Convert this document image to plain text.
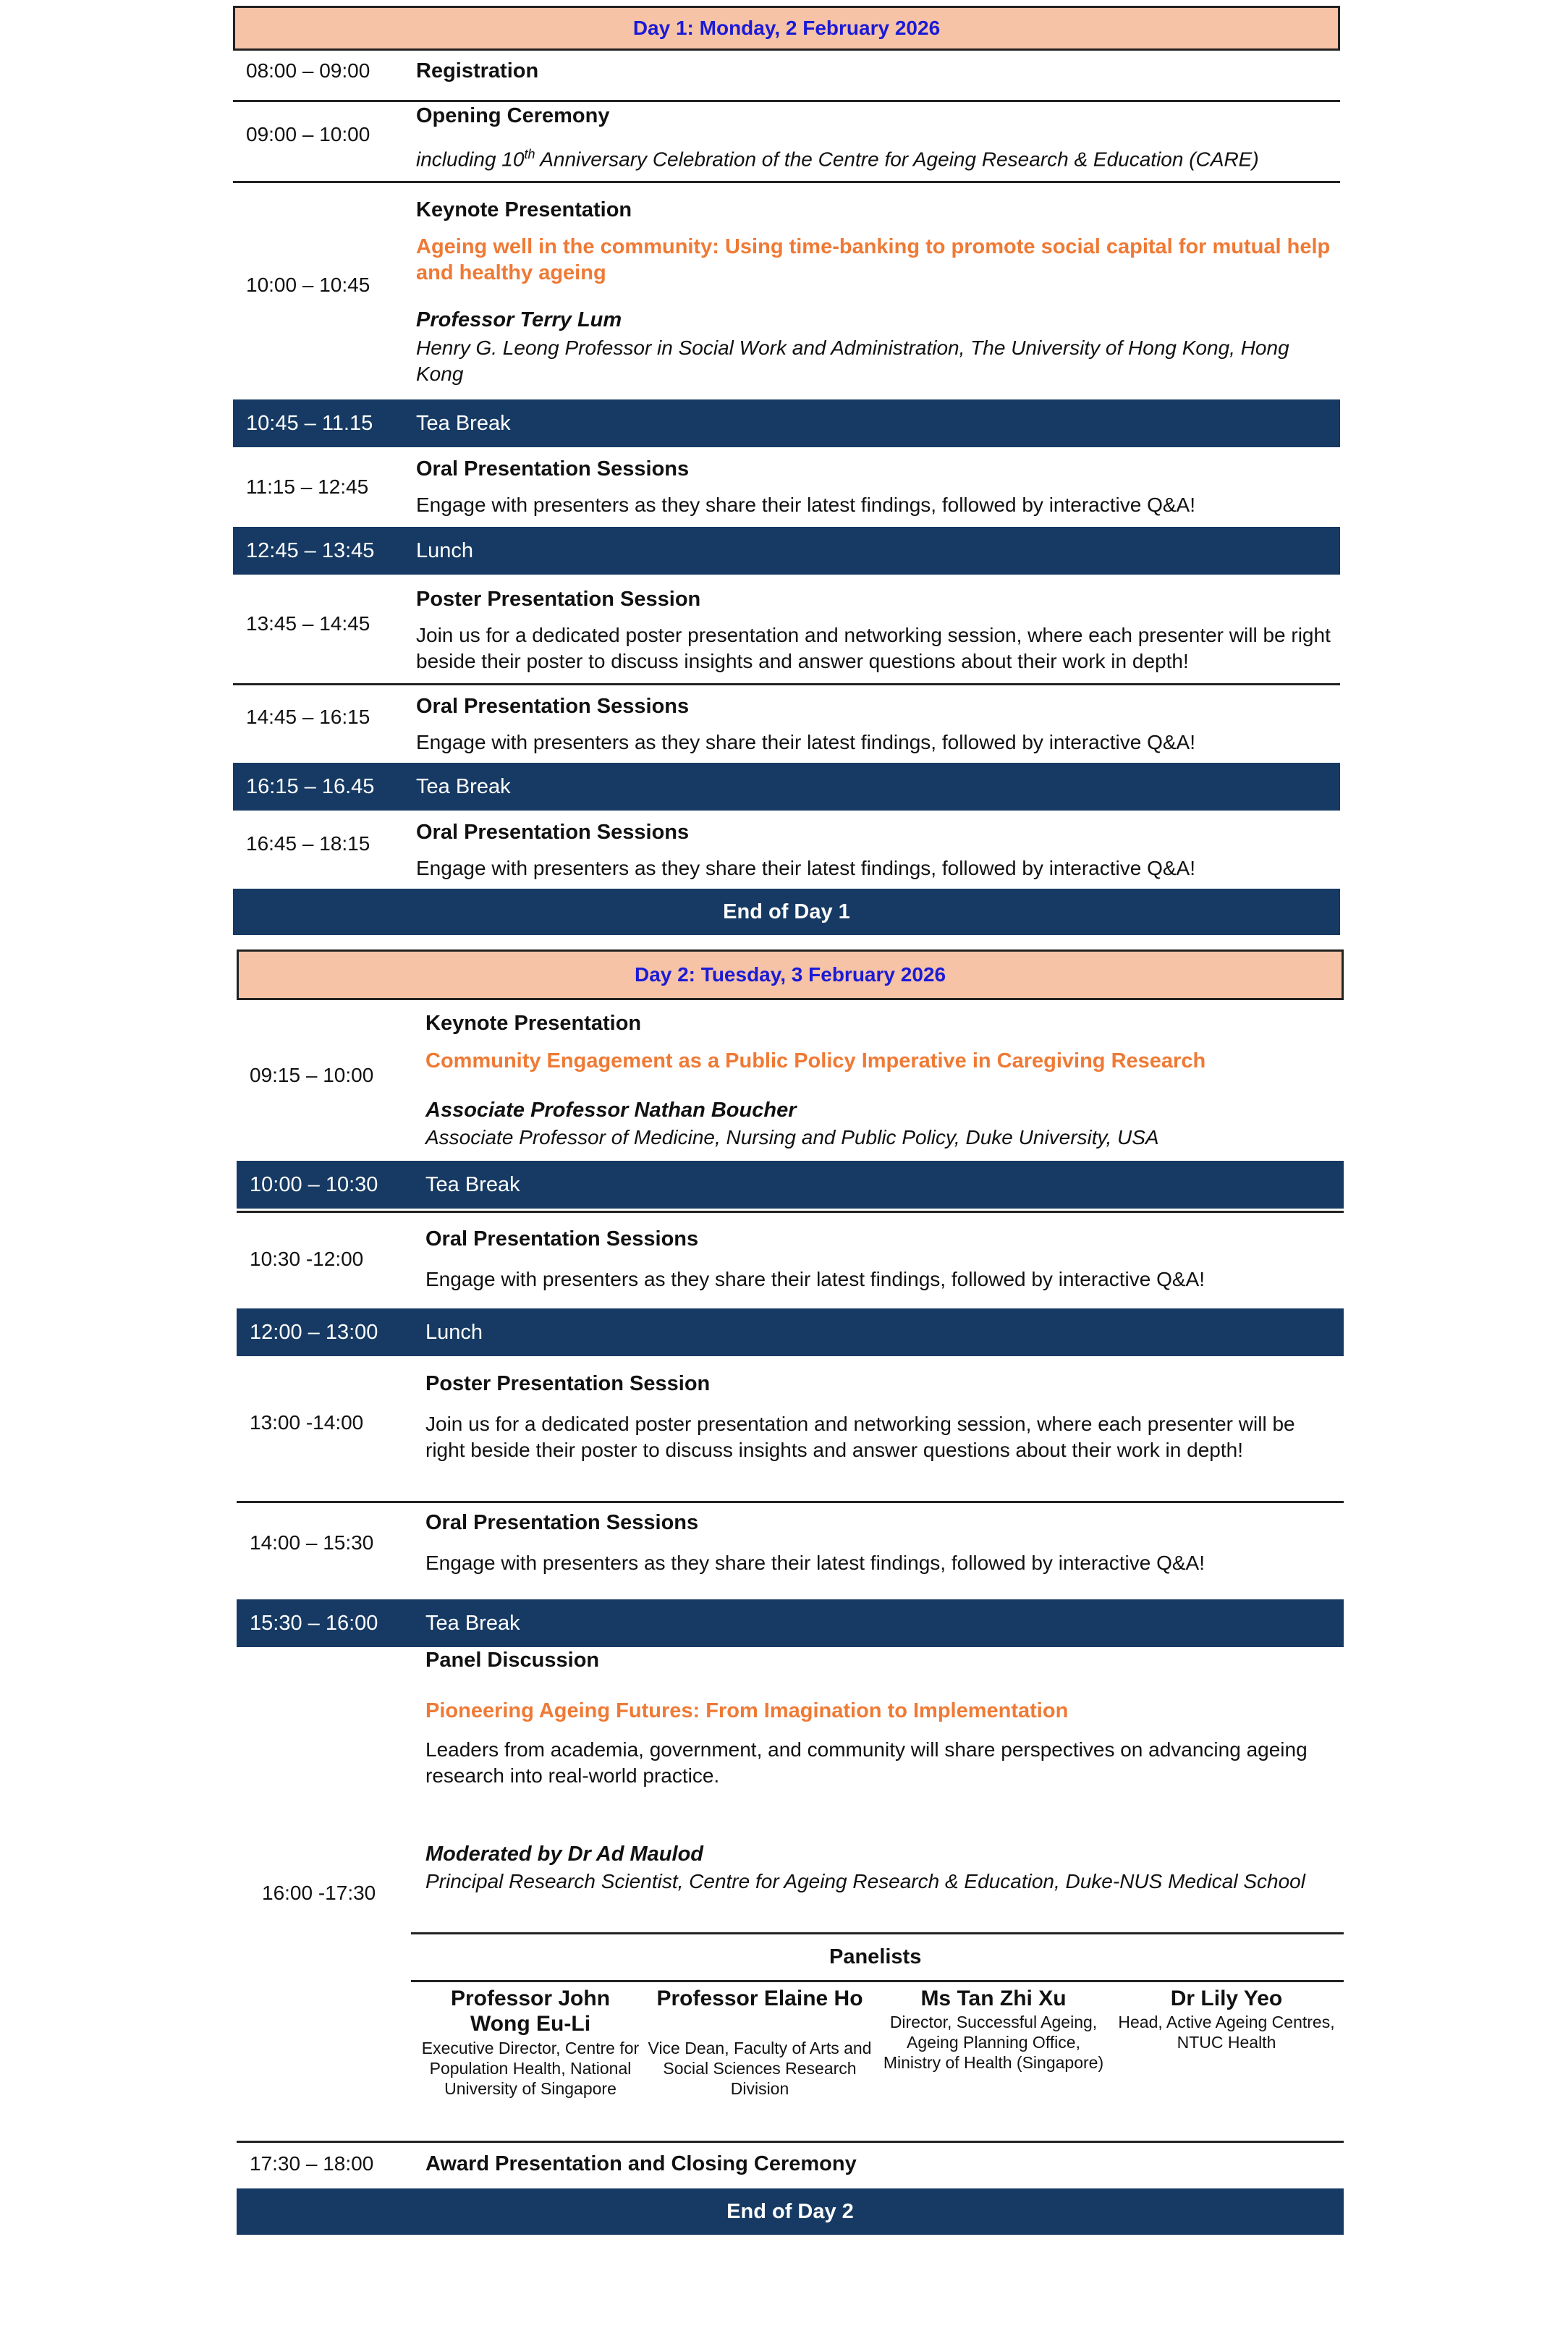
Day 1: Monday, 2 February 2026
08:00 – 09:00 Registration
09:00 – 10:00
Opening Ceremony
including 10th Anniversary Celebration of the Centre for Ageing Research & Education (CARE)
10:00 – 10:45
Keynote Presentation
Ageing well in the community: Using time-banking to promote social capital for mutual help and healthy ageing
Professor Terry Lum
Henry G. Leong Professor in Social Work and Administration, The University of Hong Kong, Hong Kong
10:45 – 11.15 Tea Break
11:15 – 12:45
Oral Presentation Sessions
Engage with presenters as they share their latest findings, followed by interactive Q&A!
12:45 – 13:45 Lunch
13:45 – 14:45
Poster Presentation Session
Join us for a dedicated poster presentation and networking session, where each presenter will be right beside their poster to discuss insights and answer questions about their work in depth!
14:45 – 16:15 Oral Presentation Sessions
Engage with presenters as they share their latest findings, followed by interactive Q&A!
16:15 – 16.45 Tea Break
16:45 – 18:15 Oral Presentation Sessions
Engage with presenters as they share their latest findings, followed by interactive Q&A!
End of Day 1
Day 2: Tuesday, 3 February 2026
09:15 – 10:00
Keynote Presentation
Community Engagement as a Public Policy Imperative in Caregiving Research
Associate Professor Nathan Boucher
Associate Professor of Medicine, Nursing and Public Policy, Duke University, USA
10:00 – 10:30 Tea Break
10:30 -12:00
Oral Presentation Sessions
Engage with presenters as they share their latest findings, followed by interactive Q&A!
12:00 – 13:00 Lunch
13:00 -14:00
Poster Presentation Session
Join us for a dedicated poster presentation and networking session, where each presenter will be right beside their poster to discuss insights and answer questions about their work in depth!
14:00 – 15:30
Oral Presentation Sessions
Engage with presenters as they share their latest findings, followed by interactive Q&A!
15:30 – 16:00 Tea Break
16:00 -17:30
Panel Discussion
Pioneering Ageing Futures: From Imagination to Implementation
Leaders from academia, government, and community will share perspectives on advancing ageing research into real-world practice.
Moderated by Dr Ad Maulod
Principal Research Scientist, Centre for Ageing Research & Education, Duke-NUS Medical School
Panelists
Professor John Wong Eu-Li
Executive Director, Centre for Population Health, National University of Singapore
Professor Elaine Ho
Vice Dean, Faculty of Arts and Social Sciences Research Division
Ms Tan Zhi Xu
Director, Successful Ageing, Ageing Planning Office, Ministry of Health (Singapore)
Dr Lily Yeo
Head, Active Ageing Centres, NTUC Health
17:30 – 18:00 Award Presentation and Closing Ceremony
End of Day 2
